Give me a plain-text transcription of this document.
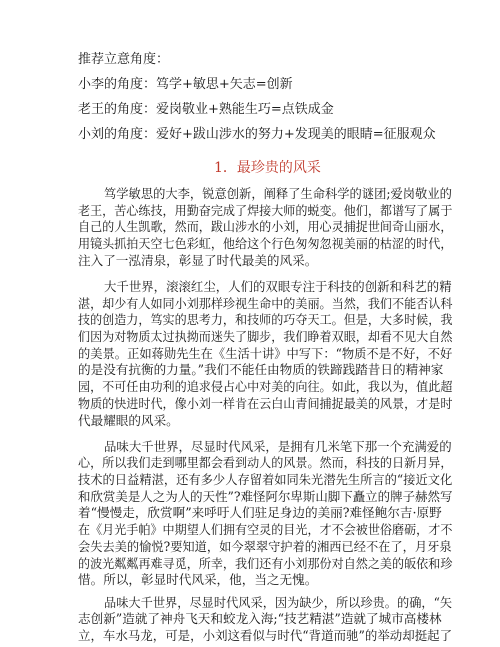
推荐立意角度：
小李的角度：笃学+敏思+矢志=创新
老王的角度：爱岗敬业+熟能生巧=点铁成金
小刘的角度：爱好+跋山涉水的努力+发现美的眼睛=征服观众
1．最珍贵的风采
笃学敏思的大李，锐意创新，阐释了生命科学的谜团;爱岗敬业的
老王，苦心练技，用勤奋完成了焊接大师的蜕变。他们，都谱写了属于
自己的人生凯歌，然而，跋山涉水的小刘，用心灵捕捉世间奇山丽水，
用镜头抓拍天空七色彩虹，他给这个行色匆匆忽视美丽的枯涩的时代，
注入了一泓清泉，彰显了时代最美的风采。
大千世界，滚滚红尘，人们的双眼专注于科技的创新和科艺的精
湛，却少有人如同小刘那样珍视生命中的美丽。当然，我们不能否认科
技的创造力，笃实的思考力，和技师的巧夺天工。但是，大多时候，我
们因为对物质太过执拗而迷失了脚步，我们睁着双眼，却看不见大自然
的美景。正如蒋勋先生在《生活十讲》中写下：“物质不是不好，不好
的是没有抗衡的力量。”我们不能任由物质的铁蹄践踏昔日的精神家
园，不可任由功利的追求侵占心中对美的向往。如此，我以为，值此超
物质的快进时代，像小刘一样肯在云白山青间捕捉最美的风景，才是时
代最耀眼的风采。
品味大千世界，尽显时代风采，是拥有几米笔下那一个充满爱的
心，所以我们走到哪里都会看到动人的风景。然而，科技的日新月异，
技术的日益精湛，还有多少人存留着如同朱光潜先生所言的“接近文化
和欣赏美是人之为人的天性”?难怪阿尔卑斯山脚下矗立的牌子赫然写
着“慢慢走，欣赏啊”来呼吁人们驻足身边的美丽?难怪鲍尔吉·原野
在《月光手帕》中期望人们拥有空灵的目光，才不会被世俗磨砺，才不
会失去美的愉悦?要知道，如今翠翠守护着的湘西已经不在了，月牙泉
的波光粼粼再难寻觅，所幸，我们还有小刘那份对自然之美的皈依和珍
惜。所以，彰显时代风采，他，当之无愧。
品味大千世界，尽显时代风采，因为缺少，所以珍贵。的确，“矢
志创新”造就了神舟飞天和蛟龙入海;“技艺精湛”造就了城市高楼林
立，车水马龙，可是，小刘这看似与时代“背道而驰”的举动却挺起了
